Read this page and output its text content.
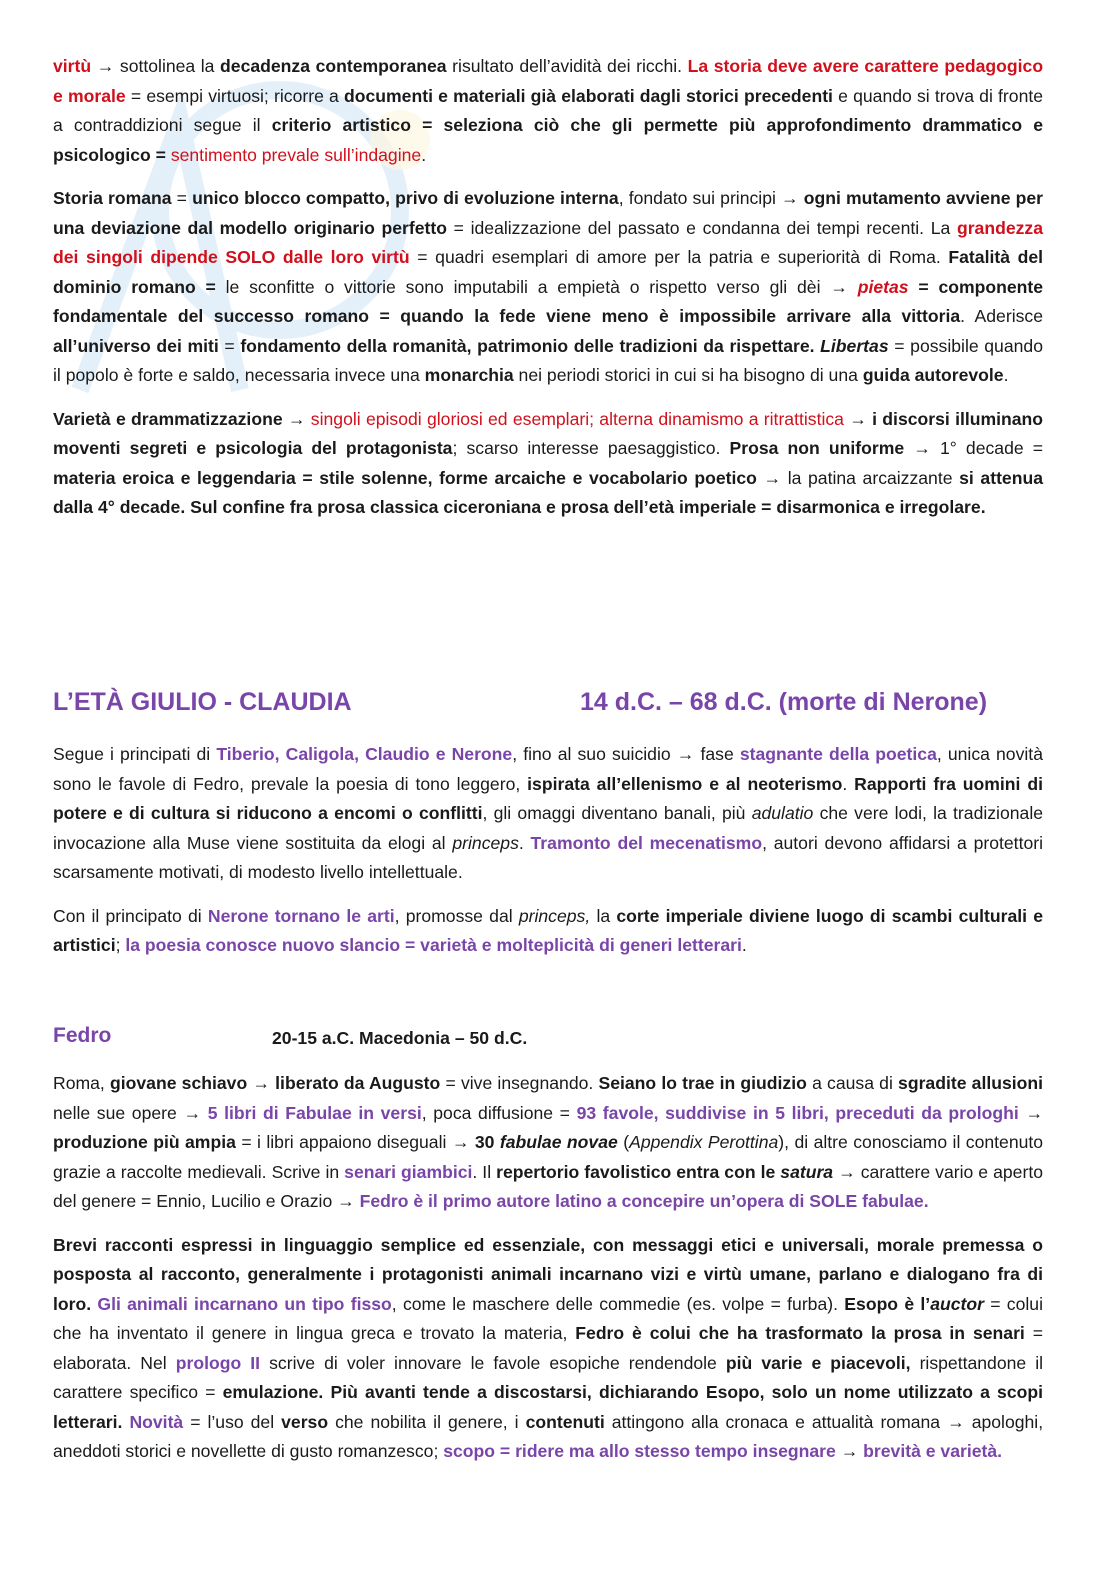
virtù → sottolinea la decadenza contemporanea risultato dell’avidità dei ricchi. La storia deve avere carattere pedagogico e morale = esempi virtuosi; ricorre a documenti e materiali già elaborati dagli storici precedenti e quando si trova di fronte a contraddizioni segue il criterio artistico = seleziona ciò che gli permette più approfondimento drammatico e psicologico = sentimento prevale sull’indagine.

Storia romana = unico blocco compatto, privo di evoluzione interna, fondato sui principi → ogni mutamento avviene per una deviazione dal modello originario perfetto = idealizzazione del passato e condanna dei tempi recenti. La grandezza dei singoli dipende SOLO dalle loro virtù = quadri esemplari di amore per la patria e superiorità di Roma. Fatalità del dominio romano = le sconfitte o vittorie sono imputabili a empietà o rispetto verso gli dèi → pietas = componente fondamentale del successo romano = quando la fede viene meno è impossibile arrivare alla vittoria. Aderisce all’universo dei miti = fondamento della romanità, patrimonio delle tradizioni da rispettare. Libertas = possibile quando il popolo è forte e saldo, necessaria invece una monarchia nei periodi storici in cui si ha bisogno di una guida autorevole.

Varietà e drammatizzazione → singoli episodi gloriosi ed esemplari; alterna dinamismo a ritrattistica → i discorsi illuminano moventi segreti e psicologia del protagonista; scarso interesse paesaggistico. Prosa non uniforme → 1° decade = materia eroica e leggendaria = stile solenne, forme arcaiche e vocabolario poetico → la patina arcaizzante si attenua dalla 4° decade. Sul confine fra prosa classica ciceroniana e prosa dell’età imperiale = disarmonica e irregolare.

L’ETÀ GIULIO - CLAUDIA	14 d.C. – 68 d.C. (morte di Nerone)

Segue i principati di Tiberio, Caligola, Claudio e Nerone, fino al suo suicidio → fase stagnante della poetica, unica novità sono le favole di Fedro, prevale la poesia di tono leggero, ispirata all’ellenismo e al neoterismo. Rapporti fra uomini di potere e di cultura si riducono a encomi o conflitti, gli omaggi diventano banali, più adulatio che vere lodi, la tradizionale invocazione alla Muse viene sostituita da elogi al princeps. Tramonto del mecenatismo, autori devono affidarsi a protettori scarsamente motivati, di modesto livello intellettuale.

Con il principato di Nerone tornano le arti, promosse dal princeps, la corte imperiale diviene luogo di scambi culturali e artistici; la poesia conosce nuovo slancio = varietà e molteplicità di generi letterari.

Fedro	20-15 a.C. Macedonia – 50 d.C.

Roma, giovane schiavo → liberato da Augusto = vive insegnando. Seiano lo trae in giudizio a causa di sgradite allusioni nelle sue opere → 5 libri di Fabulae in versi, poca diffusione = 93 favole, suddivise in 5 libri, preceduti da prologhi → produzione più ampia = i libri appaiono diseguali → 30 fabulae novae (Appendix Perottina), di altre conosciamo il contenuto grazie a raccolte medievali. Scrive in senari giambici. Il repertorio favolistico entra con le satura → carattere vario e aperto del genere = Ennio, Lucilio e Orazio → Fedro è il primo autore latino a concepire un’opera di SOLE fabulae.

Brevi racconti espressi in linguaggio semplice ed essenziale, con messaggi etici e universali, morale premessa o posposta al racconto, generalmente i protagonisti animali incarnano vizi e virtù umane, parlano e dialogano fra di loro. Gli animali incarnano un tipo fisso, come le maschere delle commedie (es. volpe = furba). Esopo è l’auctor = colui che ha inventato il genere in lingua greca e trovato la materia, Fedro è colui che ha trasformato la prosa in senari = elaborata. Nel prologo II scrive di voler innovare le favole esopiche rendendole più varie e piacevoli, rispettandone il carattere specifico = emulazione. Più avanti tende a discostarsi, dichiarando Esopo, solo un nome utilizzato a scopi letterari. Novità = l’uso del verso che nobilita il genere, i contenuti attingono alla cronaca e attualità romana → apologhi, aneddoti storici e novellette di gusto romanzesco; scopo = ridere ma allo stesso tempo insegnare → brevità e varietà.
